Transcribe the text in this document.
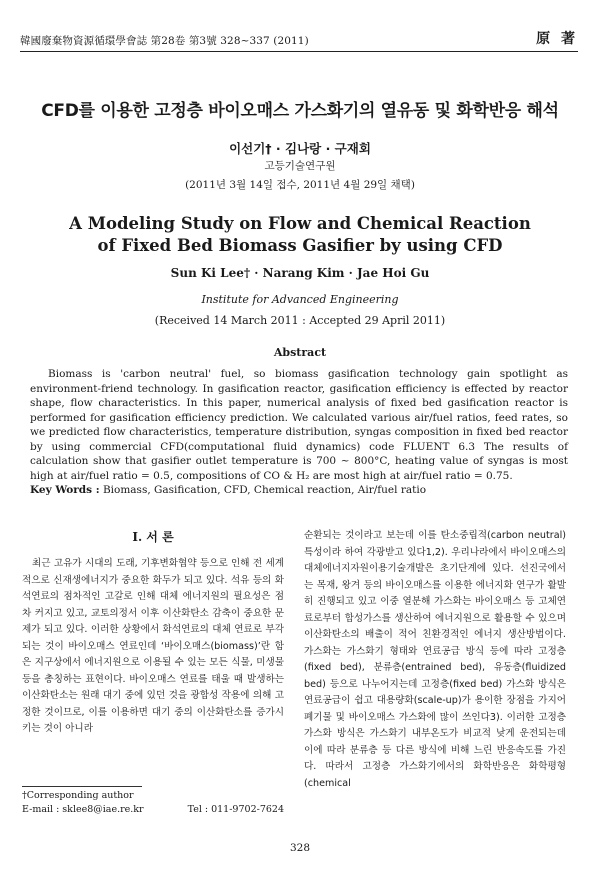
韓國廢棄物資源循環學會誌 第28卷 第3號 328~337 (2011)	原 著
CFD를 이용한 고정층 바이오매스 가스화기의 열유동 및 화학반응 해석
이선기† · 김나랑 · 구재회
고등기술연구원
(2011년 3월 14일 접수, 2011년 4월 29일 채택)
A Modeling Study on Flow and Chemical Reaction
of Fixed Bed Biomass Gasifier by using CFD
Sun Ki Lee† · Narang Kim · Jae Hoi Gu
Institute for Advanced Engineering
(Received 14 March 2011 : Accepted 29 April 2011)
Abstract

Biomass is 'carbon neutral' fuel, so biomass gasification technology gain spotlight as environment-friend technology. In gasification reactor, gasification efficiency is effected by reactor shape, flow characteristics. In this paper, numerical analysis of fixed bed gasification reactor is performed for gasification efficiency prediction. We calculated various air/fuel ratios, feed rates, so we predicted flow characteristics, temperature distribution, syngas composition in fixed bed reactor by using commercial CFD(computational fluid dynamics) code FLUENT 6.3 The results of calculation show that gasifier outlet temperature is 700 ~ 800°C, heating value of syngas is most high at air/fuel ratio = 0.5, compositions of CO & H₂ are most high at air/fuel ratio = 0.75.

Key Words : Biomass, Gasification, CFD, Chemical reaction, Air/fuel ratio
I. 서 론

최근 고유가 시대의 도래, 기후변화협약 등으로 인해 전 세계적으로 신재생에너지가 중요한 화두가 되고 있다. 석유 등의 화석연료의 점차적인 고갈로 인해 대체 에너지원의 필요성은 점차 커지고 있고, 교토의정서 이후 이산화탄소 감축이 중요한 문제가 되고 있다. 이러한 상황에서 화석연료의 대체 연료로 부각되는 것이 바이오매스 연료인데 ‘바이오매스(biomass)’란 함은 지구상에서 에너지원으로 이용될 수 있는 모든 식물, 미생물 등을 총칭하는 표현이다. 바이오매스 연료를 태울 때 발생하는 이산화탄소는 원래 대기 중에 있던 것을 광합성 작용에 의해 고정한 것이므로, 이를 이용하면 대기 중의 이산화탄소를 증가시키는 것이 아니라

순환되는 것이라고 보는데 이를 탄소중립적(carbon neutral) 특성이라 하여 각광받고 있다1,2). 우리나라에서 바이오매스의 대체에너지자원이용기술개발은 초기단계에 있다. 선진국에서는 목재, 왕겨 등의 바이오매스를 이용한 에너지화 연구가 활발히 진행되고 있고 이중 열분해 가스화는 바이오매스 등 고체연료로부터 합성가스를 생산하여 에너지원으로 활용할 수 있으며 이산화탄소의 배출이 적어 친환경적인 에너지 생산방법이다. 가스화는 가스화기 형태와 연료공급 방식 등에 따라 고정층(fixed bed), 분류층(entrained bed), 유동층(fluidized bed) 등으로 나누어지는데 고정층(fixed bed) 가스화 방식은 연료공급이 쉽고 대용량화(scale-up)가 용이한 장점을 가지어 폐기물 및 바이오매스 가스화에 많이 쓰인다3). 이러한 고정층 가스화 방식은 가스화기 내부온도가 비교적 낮게 운전되는데 이에 따라 분류층 등 다른 방식에 비해 느린 반응속도를 가진다. 따라서 고정층 가스화기에서의 화학반응은 화학평형(chemical

†Corresponding author
E-mail : sklee8@iae.re.kr	Tel : 011-9702-7624
328
